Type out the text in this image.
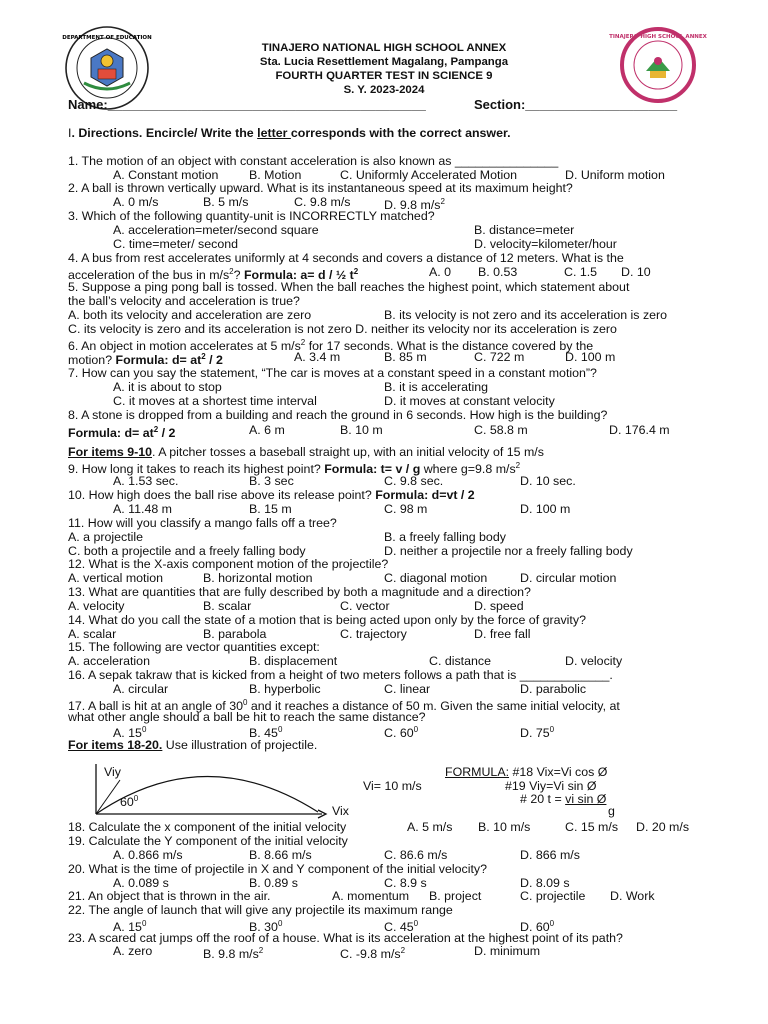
DEPARTMENT OF EDUCATION	TINAJERO HIGH SCHOOL ANNEX
TINAJERO NATIONAL HIGH SCHOOL ANNEX
Sta. Lucia Resettlement Magalang, Pampanga
FOURTH QUARTER TEST IN SCIENCE 9
S. Y. 2023-2024
Name:____________________________________________	Section:_____________________
I. Directions. Encircle/ Write the letter corresponds with the correct answer.
1. The motion of an object with constant acceleration is also known as _______________
A. Constant motion B. Motion	C. Uniformly Accelerated Motion	D. Uniform motion
2. A ball is thrown vertically upward. What is its instantaneous speed at its maximum height?
A. 0 m/s	B. 5 m/s	C. 9.8 m/s	D. 9.8 $m/s^2$
3. Which of the following quantity-unit is INCORRECTLY matched?
A. acceleration=meter/second square	B. distance=meter
C. time=meter/ second	D. velocity=kilometer/hour
4. A bus from rest accelerates uniformly at 4 seconds and covers a distance of 12 meters. What is the
acceleration of the bus in $m/s^2$? Formula: a= d / ½ $t^2$	A. 0 B. 0.53	C. 1.5 D. 10
5. Suppose a ping pong ball is tossed. When the ball reaches the highest point, which statement about
the ball’s velocity and acceleration is true?
A. both its velocity and acceleration are zero	B. its velocity is not zero and its acceleration is zero
C. its velocity is zero and its acceleration is not zero D. neither its velocity nor its acceleration is zero
6. An object in motion accelerates at 5 $m/s^2$ for 17 seconds. What is the distance covered by the
motion? Formula: $d= at^2 / 2$	A. 3.4 m	B. 85 m	C. 722 m	D. 100 m
7. How can you say the statement, “The car is moves at a constant speed in a constant motion”?
A. it is about to stop	B. it is accelerating
C. it moves at a shortest time interval	D. it moves at constant velocity
8. A stone is dropped from a building and reach the ground in 6 seconds. How high is the building?
Formula: $d= at^2 / 2$	A. 6 m	B. 10 m	C. 58.8 m	D. 176.4 m
For items 9-10. A pitcher tosses a baseball straight up, with an initial velocity of 15 m/s
9. How long it takes to reach its highest point? Formula: t= v / g where g=9.8 $m/s^2$
A. 1.53 sec.	B. 3 sec	C. 9.8 sec.	D. 10 sec.
10. How high does the ball rise above its release point? Formula: d=vt / 2
A. 11.48 m	B. 15 m	C. 98 m	D. 100 m
11. How will you classify a mango falls off a tree?
A. a projectile	B. a freely falling body
C. both a projectile and a freely falling body	D. neither a projectile nor a freely falling body
12. What is the X-axis component motion of the projectile?
A. vertical motion	B. horizontal motion	C. diagonal motion	D. circular motion
13. What are quantities that are fully described by both a magnitude and a direction?
A. velocity	B. scalar	C. vector	D. speed
14. What do you call the state of a motion that is being acted upon only by the force of gravity?
A. scalar	B. parabola	C. trajectory	D. free fall
15. The following are vector quantities except:
A. acceleration	B. displacement	C. distance	D. velocity
16. A sepak takraw that is kicked from a height of two meters follows a path that is _____________.
A. circular	B. hyperbolic	C. linear	D. parabolic
17. A ball is hit at an angle of $30^0$ and it reaches a distance of 50 m. Given the same initial velocity, at
what other angle should a ball be hit to reach the same distance?
A. $15^0$	B. $45^0$	C. $60^0$	D. $75^0$
For items 18-20. Use illustration of projectile.
Viy	FORMULA: #18 Vix=Vi cos Ø
Vi= 10 m/s	#19 Viy=Vi sin Ø
$60^0$	# 20 t = vi sin Ø
Vix	g
18. Calculate the x component of the initial velocity	A. 5 m/s B. 10 m/s	C. 15 m/s D. 20 m/s
19. Calculate the Y component of the initial velocity
A. 0.866 m/s	B. 8.66 m/s	C. 86.6 m/s	D. 866 m/s
20. What is the time of projectile in X and Y component of the initial velocity?
A. 0.089 s	B. 0.89 s	C. 8.9 s	D. 8.09 s
21. An object that is thrown in the air.	A. momentum B. project	C. projectile D. Work
22. The angle of launch that will give any projectile its maximum range
A. $15^0$	B. $30^0$	C. $45^0$	D. $60^0$
23. A scared cat jumps off the roof of a house. What is its acceleration at the highest point of its path?
A. zero	B. 9.8 $m/s^2$	C. -9.8 $m/s^2$	D. minimum
